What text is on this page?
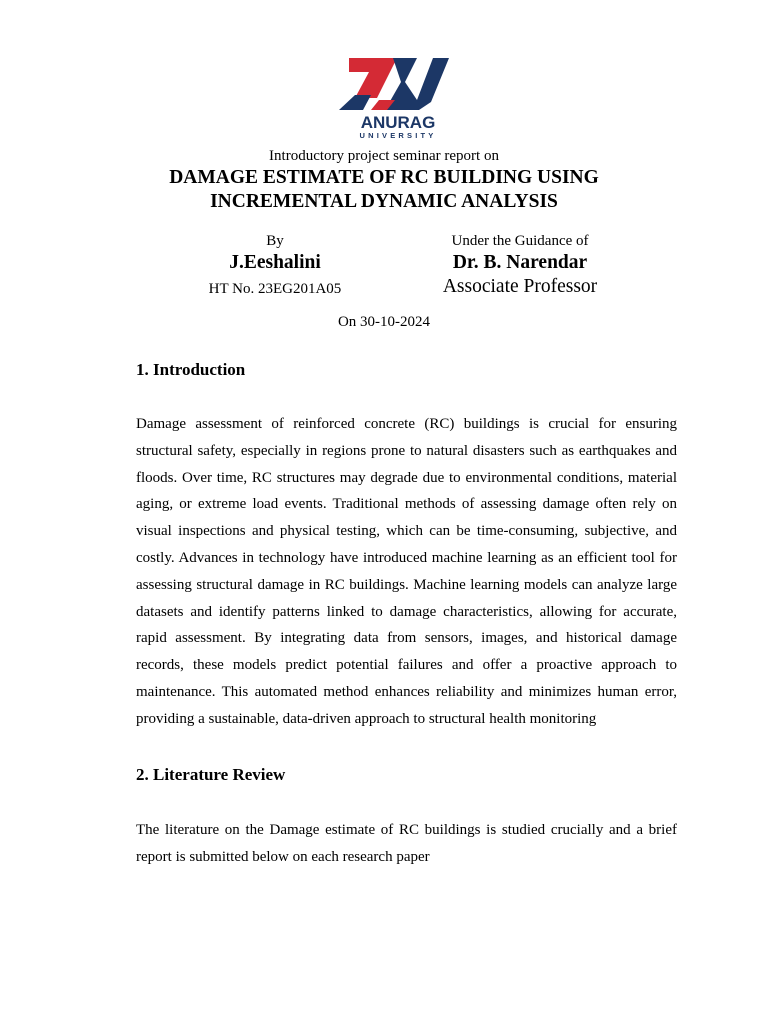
ANURAG
UNIVERSITY
Introductory project seminar report on
DAMAGE ESTIMATE OF RC BUILDING USING
INCREMENTAL DYNAMIC ANALYSIS
By
J.Eeshalini
HT No. 23EG201A05
Under the Guidance of
Dr. B. Narendar
Associate Professor
On 30-10-2024
1. Introduction
Damage assessment of reinforced concrete (RC) buildings is crucial for ensuring structural safety, especially in regions prone to natural disasters such as earthquakes and floods. Over time, RC structures may degrade due to environmental conditions, material aging, or extreme load events. Traditional methods of assessing damage often rely on visual inspections and physical testing, which can be time-consuming, subjective, and costly. Advances in technology have introduced machine learning as an efficient tool for assessing structural damage in RC buildings. Machine learning models can analyze large datasets and identify patterns linked to damage characteristics, allowing for accurate, rapid assessment. By integrating data from sensors, images, and historical damage records, these models predict potential failures and offer a proactive approach to maintenance. This automated method enhances reliability and minimizes human error, providing a sustainable, data-driven approach to structural health monitoring
2. Literature Review
The literature on the Damage estimate of RC buildings is studied crucially and a brief report is submitted below on each research paper
